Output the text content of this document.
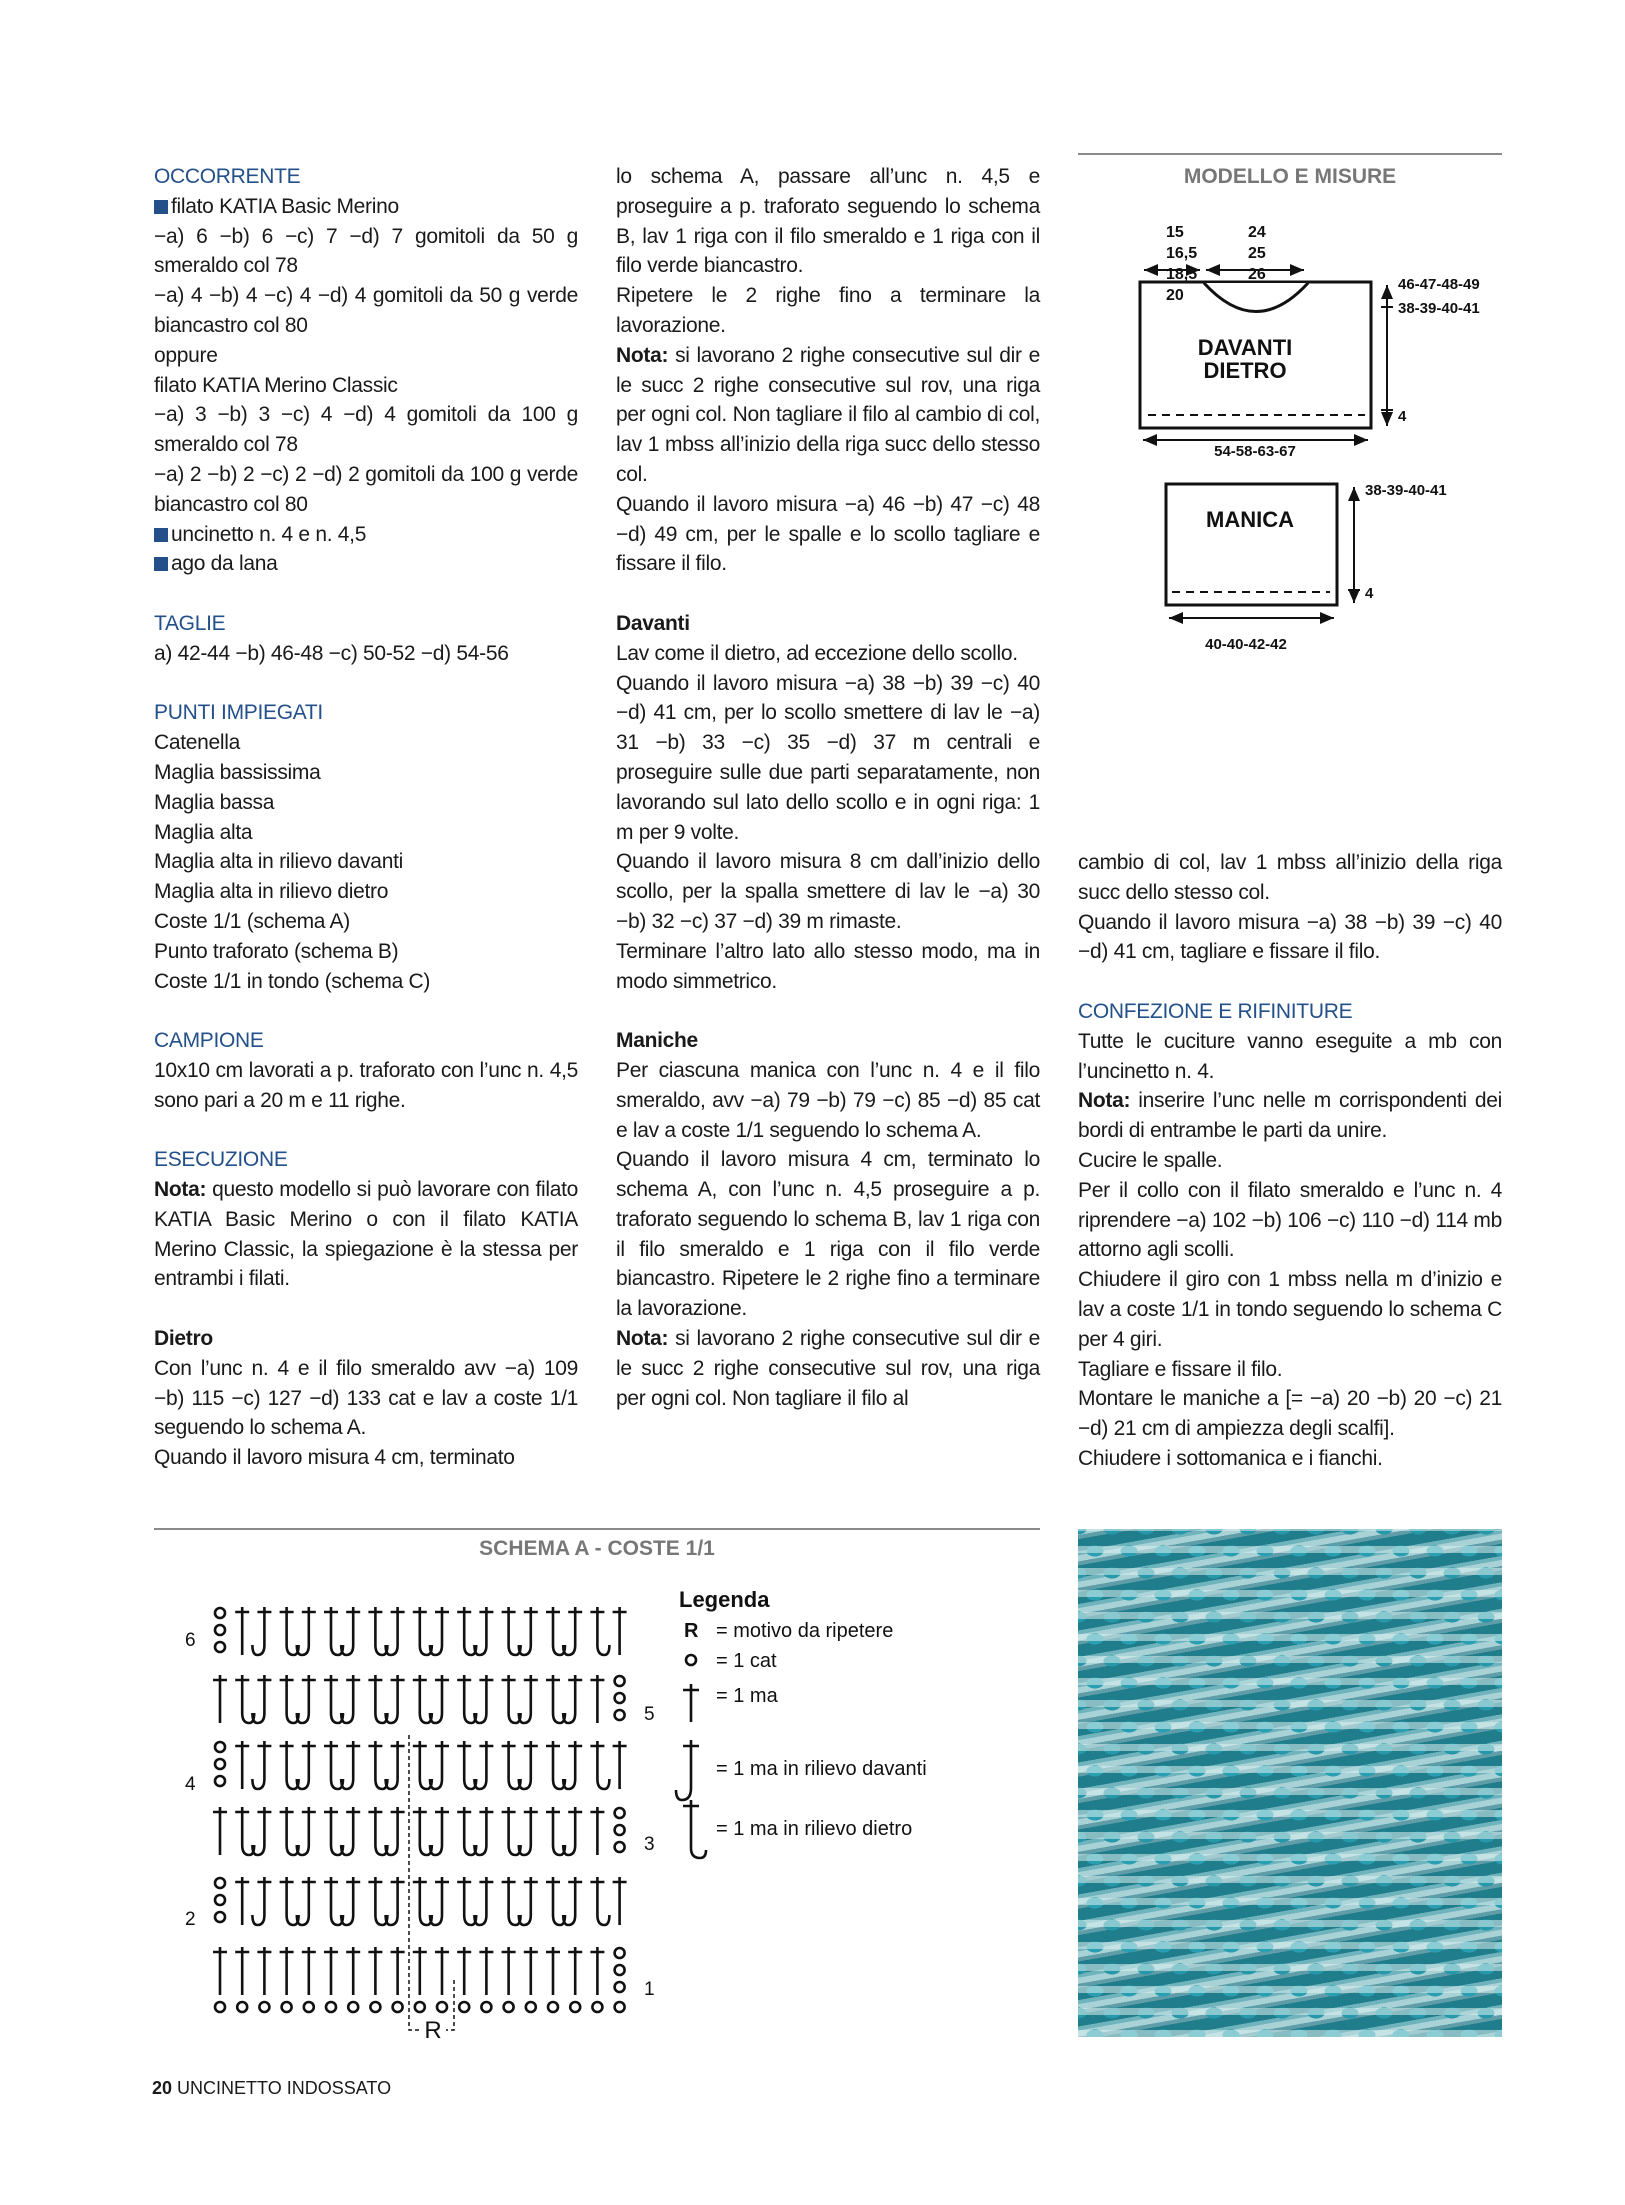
OCCORRENTE

filato KATIA Basic Merino

−a) 6 −b) 6 −c) 7 −d) 7 gomitoli da 50 g smeraldo col 78

−a) 4 −b) 4 −c) 4 −d) 4 gomitoli da 50 g verde biancastro col 80

oppure

filato KATIA Merino Classic

−a) 3 −b) 3 −c) 4 −d) 4 gomitoli da 100 g smeraldo col 78

−a) 2 −b) 2 −c) 2 −d) 2 gomitoli da 100 g verde biancastro col 80

uncinetto n. 4 e n. 4,5

ago da lana

TAGLIE

a) 42-44 −b) 46-48 −c) 50-52 −d) 54-56

PUNTI IMPIEGATI

Catenella

Maglia bassissima

Maglia bassa

Maglia alta

Maglia alta in rilievo davanti

Maglia alta in rilievo dietro

Coste 1/1 (schema A)

Punto traforato (schema B)

Coste 1/1 in tondo (schema C)

CAMPIONE

10x10 cm lavorati a p. traforato con l’unc n. 4,5 sono pari a 20 m e 11 righe.

ESECUZIONE

Nota: questo modello si può lavorare con filato KATIA Basic Merino o con il filato KATIA Merino Classic, la spiegazione è la stessa per entrambi i filati.

Dietro

Con l’unc n. 4 e il filo smeraldo avv −a) 109 −b) 115 −c) 127 −d) 133 cat e lav a coste 1/1 seguendo lo schema A.

Quando il lavoro misura 4 cm, terminato

lo schema A, passare all’unc n. 4,5 e proseguire a p. traforato seguendo lo schema B, lav 1 riga con il filo smeraldo e 1 riga con il filo verde biancastro.

Ripetere le 2 righe fino a terminare la lavorazione.

Nota: si lavorano 2 righe consecutive sul dir e le succ 2 righe consecutive sul rov, una riga per ogni col. Non tagliare il filo al cambio di col, lav 1 mbss all’inizio della riga succ dello stesso col.

Quando il lavoro misura −a) 46 −b) 47 −c) 48 −d) 49 cm, per le spalle e lo scollo tagliare e fissare il filo.

Davanti

Lav come il dietro, ad eccezione dello scollo.

Quando il lavoro misura −a) 38 −b) 39 −c) 40 −d) 41 cm, per lo scollo smettere di lav le −a) 31 −b) 33 −c) 35 −d) 37 m centrali e proseguire sulle due parti separatamente, non lavorando sul lato dello scollo e in ogni riga: 1 m per 9 volte.

Quando il lavoro misura 8 cm dall’inizio dello scollo, per la spalla smettere di lav le −a) 30 −b) 32 −c) 37 −d) 39 m rimaste.

Terminare l’altro lato allo stesso modo, ma in modo simmetrico.

Maniche

Per ciascuna manica con l’unc n. 4 e il filo smeraldo, avv −a) 79 −b) 79 −c) 85 −d) 85 cat e lav a coste 1/1 seguendo lo schema A.

Quando il lavoro misura 4 cm, terminato lo schema A, con l’unc n. 4,5 proseguire a p. traforato seguendo lo schema B, lav 1 riga con il filo smeraldo e 1 riga con il filo verde biancastro. Ripetere le 2 righe fino a terminare la lavorazione.

Nota: si lavorano 2 righe consecutive sul dir e le succ 2 righe consecutive sul rov, una riga per ogni col. Non tagliare il filo al

MODELLO E MISURE
15
16,5
18,5
20
24
25
26
DAVANTI
DIETRO
46-47-48-49
38-39-40-41
4
54-58-63-67
40-40-42-42
MANICA
38-39-40-41
4

cambio di col, lav 1 mbss all’inizio della riga succ dello stesso col.

Quando il lavoro misura −a) 38 −b) 39 −c) 40 −d) 41 cm, tagliare e fissare il filo.

CONFEZIONE E RIFINITURE

Tutte le cuciture vanno eseguite a mb con l’uncinetto n. 4.

Nota: inserire l’unc nelle m corrispondenti dei bordi di entrambe le parti da unire.

Cucire le spalle.

Per il collo con il filato smeraldo e l’unc n. 4 riprendere −a) 102 −b) 106 −c) 110 −d) 114 mb attorno agli scolli.

Chiudere il giro con 1 mbss nella m d’inizio e lav a coste 1/1 in tondo seguendo lo schema C per 4 giri.

Tagliare e fissare il filo.

Montare le maniche a [= −a) 20 −b) 20 −c) 21 −d) 21 cm di ampiezza degli scalfi].

Chiudere i sottomanica e i fianchi.

SCHEMA A - COSTE 1/1
1
2
3
4
5
6
R
Legenda
R = motivo da ripetere
= 1 cat
= 1 ma
= 1 ma in rilievo davanti
= 1 ma in rilievo dietro
20 UNCINETTO INDOSSATO
